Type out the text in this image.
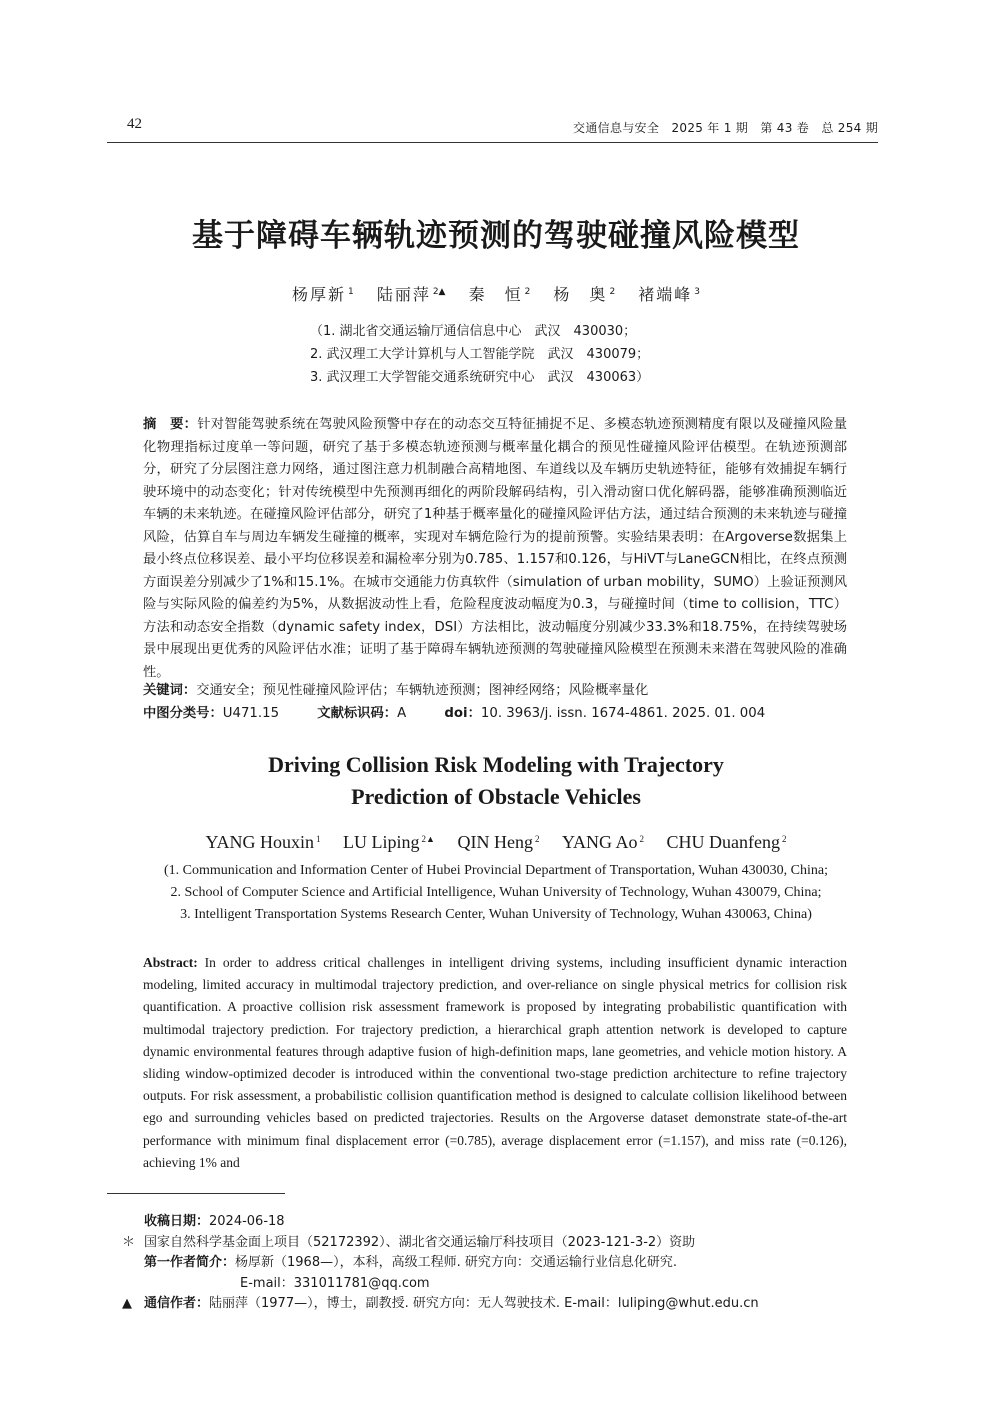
42	交通信息与安全　2025 年 1 期　第 43 卷　总 254 期
基于障碍车辆轨迹预测的驾驶碰撞风险模型
杨厚新 $^1$ 陆丽萍 $^{2▲}$ 秦　恒 $^2$ 杨　奥 $^2$ 褚端峰 $^3$
（1. 湖北省交通运输厅通信信息中心　武汉　430030；
2. 武汉理工大学计算机与人工智能学院　武汉　430079；
3. 武汉理工大学智能交通系统研究中心　武汉　430063）
摘　要：针对智能驾驶系统在驾驶风险预警中存在的动态交互特征捕捉不足、多模态轨迹预测精度有限以及碰撞风险量化物理指标过度单一等问题，研究了基于多模态轨迹预测与概率量化耦合的预见性碰撞风险评估模型。在轨迹预测部分，研究了分层图注意力网络，通过图注意力机制融合高精地图、车道线以及车辆历史轨迹特征，能够有效捕捉车辆行驶环境中的动态变化；针对传统模型中先预测再细化的两阶段解码结构，引入滑动窗口优化解码器，能够准确预测临近车辆的未来轨迹。在碰撞风险评估部分，研究了1种基于概率量化的碰撞风险评估方法，通过结合预测的未来轨迹与碰撞风险，估算自车与周边车辆发生碰撞的概率，实现对车辆危险行为的提前预警。实验结果表明：在Argoverse数据集上最小终点位移误差、最小平均位移误差和漏检率分别为0.785、1.157和0.126，与HiVT与LaneGCN相比，在终点预测方面误差分别减少了1%和15.1%。在城市交通能力仿真软件（simulation of urban mobility，SUMO）上验证预测风险与实际风险的偏差约为5%，从数据波动性上看，危险程度波动幅度为0.3，与碰撞时间（time to collision，TTC）方法和动态安全指数（dynamic safety index，DSI）方法相比，波动幅度分别减少33.3%和18.75%，在持续驾驶场景中展现出更优秀的风险评估水准；证明了基于障碍车辆轨迹预测的驾驶碰撞风险模型在预测未来潜在驾驶风险的准确性。
关键词：交通安全；预见性碰撞风险评估；车辆轨迹预测；图神经网络；风险概率量化
中图分类号：U471.15	文献标识码：A	doi：10. 3963/j. issn. 1674-4861. 2025. 01. 004
Driving Collision Risk Modeling with Trajectory
Prediction of Obstacle Vehicles
YANG Houxin $^1$ LU Liping $^{2▲}$ QIN Heng $^2$ YANG Ao $^2$ CHU Duanfeng $^2$
(1. Communication and Information Center of Hubei Provincial Department of Transportation, Wuhan 430030, China;
2. School of Computer Science and Artificial Intelligence, Wuhan University of Technology, Wuhan 430079, China;
3. Intelligent Transportation Systems Research Center, Wuhan University of Technology, Wuhan 430063, China)
Abstract: In order to address critical challenges in intelligent driving systems, including insufficient dynamic interaction modeling, limited accuracy in multimodal trajectory prediction, and over-reliance on single physical metrics for collision risk quantification. A proactive collision risk assessment framework is proposed by integrating probabilistic quantification with multimodal trajectory prediction. For trajectory prediction, a hierarchical graph attention network is developed to capture dynamic environmental features through adaptive fusion of high-definition maps, lane geometries, and vehicle motion history. A sliding window-optimized decoder is introduced within the conventional two-stage prediction architecture to refine trajectory outputs. For risk assessment, a probabilistic collision quantification method is designed to calculate collision likelihood between ego and surrounding vehicles based on predicted trajectories. Results on the Argoverse dataset demonstrate state-of-the-art performance with minimum final displacement error (=0.785), average displacement error (=1.157), and miss rate (=0.126), achieving 1% and
收稿日期：2024-06-18
＊ 国家自然科学基金面上项目（52172392）、湖北省交通运输厅科技项目（2023-121-3-2）资助
第一作者简介：杨厚新（1968—），本科，高级工程师. 研究方向：交通运输行业信息化研究.
E-mail：331011781@qq.com
▲ 通信作者：陆丽萍（1977—），博士，副教授. 研究方向：无人驾驶技术. E-mail：luliping@whut.edu.cn
